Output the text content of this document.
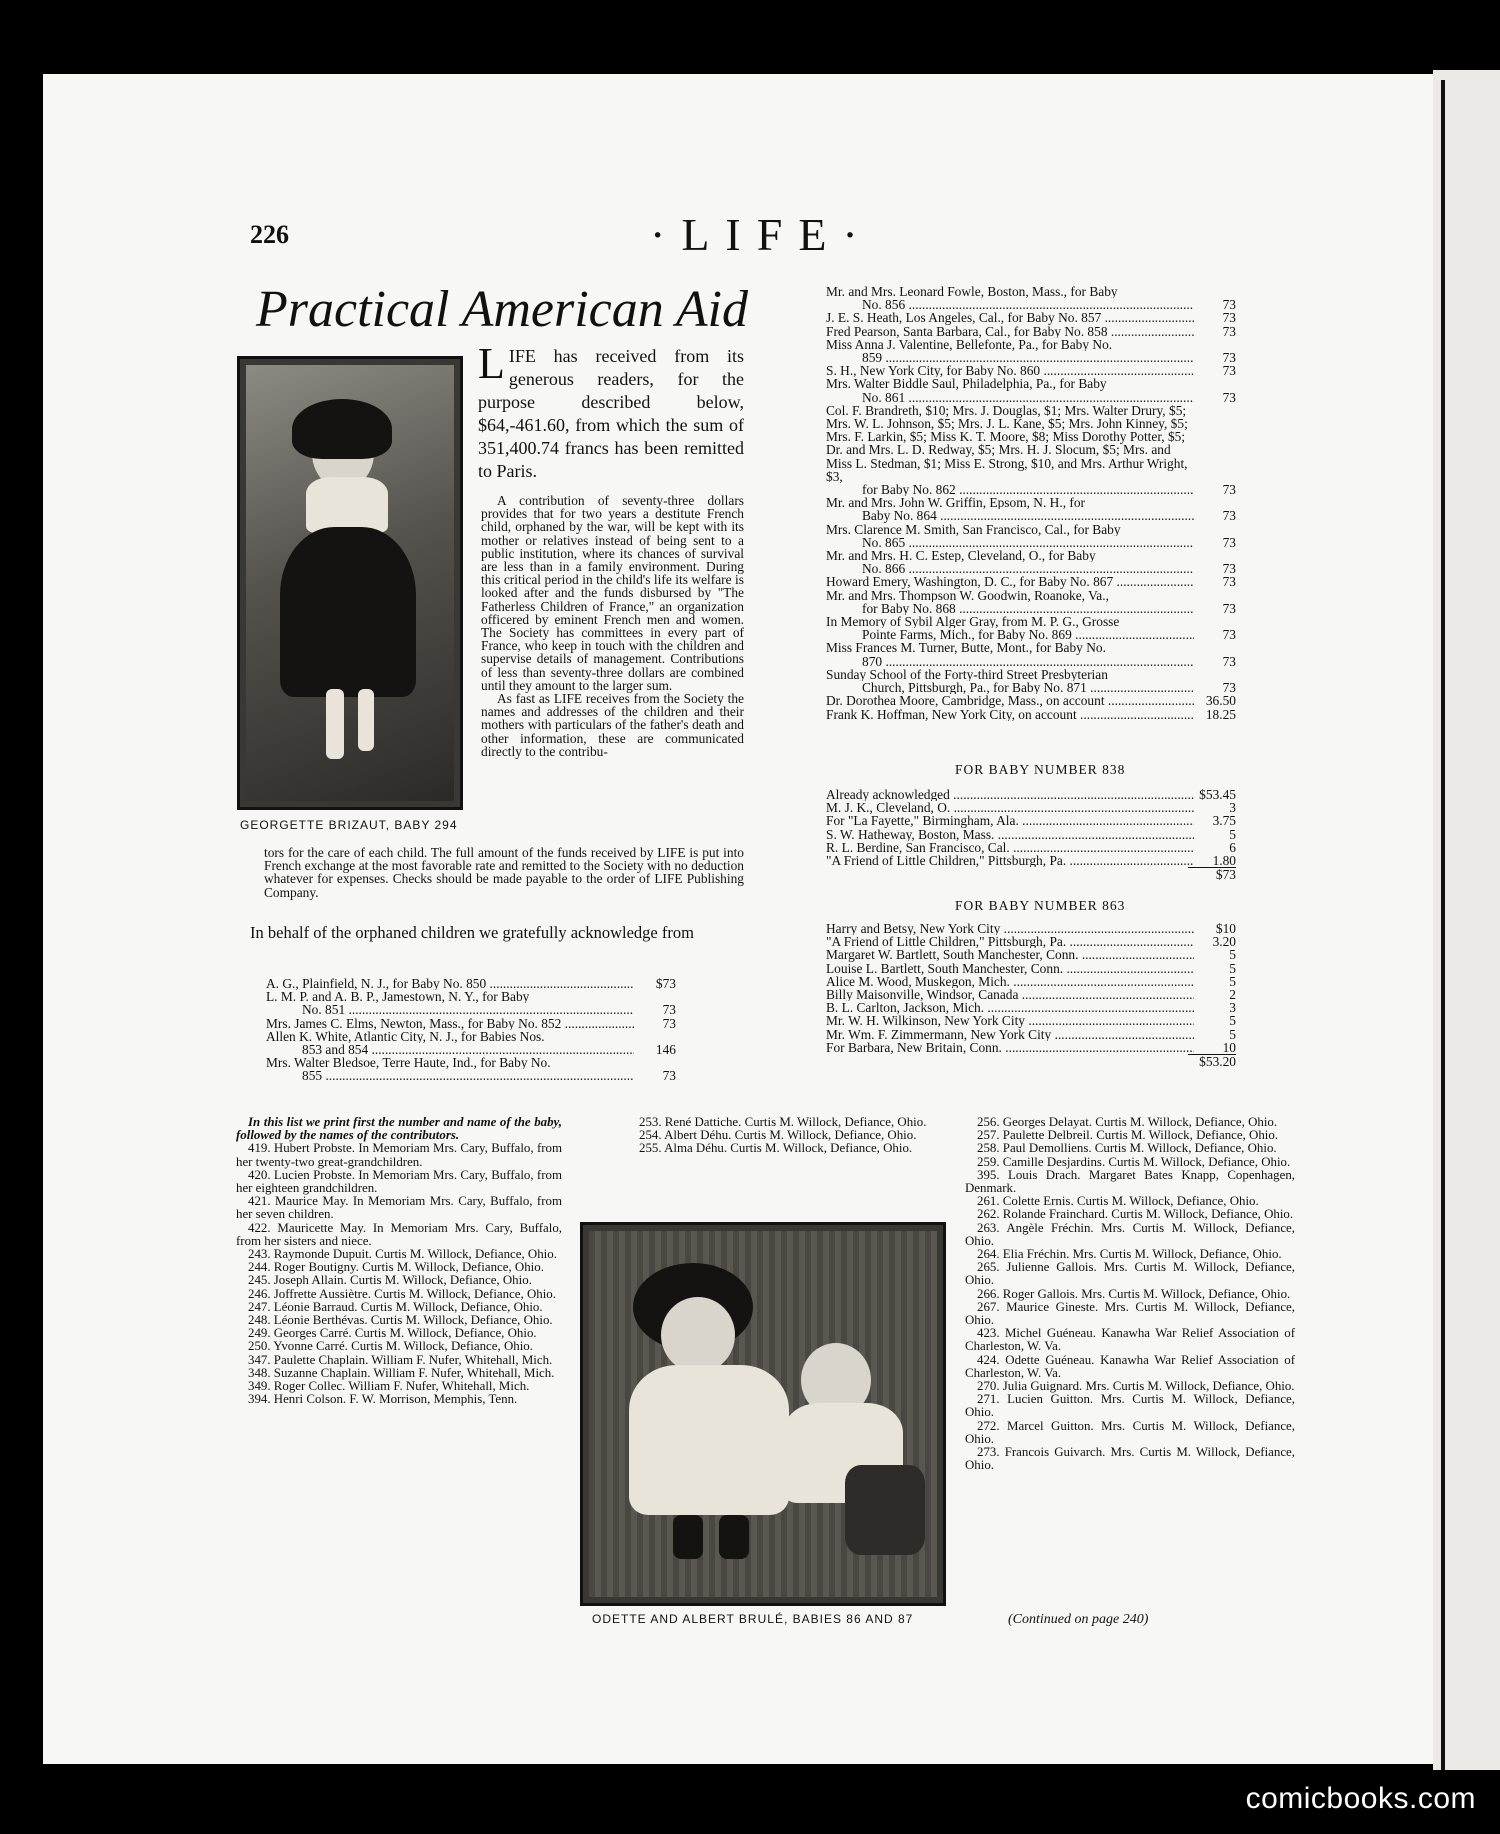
226	·LIFE·
Practical American Aid
GEORGETTE BRIZAUT, BABY 294
LIFE has received from its generous readers, for the purpose described below, $64,-461.60, from which the sum of 351,400.74 francs has been remitted to Paris.
A contribution of seventy-three dollars provides that for two years a destitute French child, orphaned by the war, will be kept with its mother or relatives instead of being sent to a public institution, where its chances of survival are less than in a family environment. During this critical period in the child's life its welfare is looked after and the funds disbursed by "The Fatherless Children of France," an organization officered by eminent French men and women. The Society has committees in every part of France, who keep in touch with the children and supervise details of management. Contributions of less than seventy-three dollars are combined until they amount to the larger sum.
As fast as LIFE receives from the Society the names and addresses of the children and their mothers with particulars of the father's death and other information, these are communicated directly to the contribu-
tors for the care of each child. The full amount of the funds received by LIFE is put into French exchange at the most favorable rate and remitted to the Society with no deduction whatever for expenses. Checks should be made payable to the order of LIFE Publishing Company.
In behalf of the orphaned children we gratefully acknowledge from
A. G., Plainfield, N. J., for Baby No. 850 .....	$73
L. M. P. and A. B. P., Jamestown, N. Y., for Baby
No. 851 .....	73
Mrs. James C. Elms, Newton, Mass., for Baby No. 852 .....	73
Allen K. White, Atlantic City, N. J., for Babies Nos.
853 and 854 .....	146
Mrs. Walter Bledsoe, Terre Haute, Ind., for Baby No.
855 .....	73
Mr. and Mrs. Leonard Fowle, Boston, Mass., for Baby
No. 856 .....	73
J. E. S. Heath, Los Angeles, Cal., for Baby No. 857 .....	73
Fred Pearson, Santa Barbara, Cal., for Baby No. 858 .....	73
Miss Anna J. Valentine, Bellefonte, Pa., for Baby No.
859 .....	73
S. H., New York City, for Baby No. 860 .....	73
Mrs. Walter Biddle Saul, Philadelphia, Pa., for Baby
No. 861 .....	73
Col. F. Brandreth, $10; Mrs. J. Douglas, $1; Mrs. Walter Drury, $5; Mrs. W. L. Johnson, $5; Mrs. J. L. Kane, $5; Mrs. John Kinney, $5; Mrs. F. Larkin, $5; Miss K. T. Moore, $8; Miss Dorothy Potter, $5; Dr. and Mrs. L. D. Redway, $5; Mrs. H. J. Slocum, $5; Mrs. and Miss L. Stedman, $1; Miss E. Strong, $10, and Mrs. Arthur Wright, $3,
for Baby No. 862 .....	73
Mr. and Mrs. John W. Griffin, Epsom, N. H., for
Baby No. 864 .....	73
Mrs. Clarence M. Smith, San Francisco, Cal., for Baby
No. 865 .....	73
Mr. and Mrs. H. C. Estep, Cleveland, O., for Baby
No. 866 .....	73
Howard Emery, Washington, D. C., for Baby No. 867 .....	73
Mr. and Mrs. Thompson W. Goodwin, Roanoke, Va.,
for Baby No. 868 .....	73
In Memory of Sybil Alger Gray, from M. P. G., Grosse
Pointe Farms, Mich., for Baby No. 869 .....	73
Miss Frances M. Turner, Butte, Mont., for Baby No.
870 .....	73
Sunday School of the Forty-third Street Presbyterian
Church, Pittsburgh, Pa., for Baby No. 871 .....	73
Dr. Dorothea Moore, Cambridge, Mass., on account .....	36.50
Frank K. Hoffman, New York City, on account .....	18.25
FOR BABY NUMBER 838
Already acknowledged .....	$53.45
M. J. K., Cleveland, O. .....	3
For "La Fayette," Birmingham, Ala. .....	3.75
S. W. Hatheway, Boston, Mass. .....	5
R. L. Berdine, San Francisco, Cal. .....	6
"A Friend of Little Children," Pittsburgh, Pa. .....	1.80
$73
FOR BABY NUMBER 863
Harry and Betsy, New York City .....	$10
"A Friend of Little Children," Pittsburgh, Pa. .....	3.20
Margaret W. Bartlett, South Manchester, Conn. .....	5
Louise L. Bartlett, South Manchester, Conn. .....	5
Alice M. Wood, Muskegon, Mich. .....	5
Billy Maisonville, Windsor, Canada .....	2
B. L. Carlton, Jackson, Mich. .....	3
Mr. W. H. Wilkinson, New York City .....	5
Mr. Wm. F. Zimmermann, New York City .....	5
For Barbara, New Britain, Conn. .....	10
$53.20

In this list we print first the number and name of the baby, followed by the names of the contributors.

419. Hubert Probste. In Memoriam Mrs. Cary, Buffalo, from her twenty-two great-grandchildren.

420. Lucien Probste. In Memoriam Mrs. Cary, Buffalo, from her eighteen grandchildren.

421. Maurice May. In Memoriam Mrs. Cary, Buffalo, from her seven children.

422. Mauricette May. In Memoriam Mrs. Cary, Buffalo, from her sisters and niece.

243. Raymonde Dupuit. Curtis M. Willock, Defiance, Ohio.

244. Roger Boutigny. Curtis M. Willock, Defiance, Ohio.

245. Joseph Allain. Curtis M. Willock, Defiance, Ohio.

246. Joffrette Aussiètre. Curtis M. Willock, Defiance, Ohio.

247. Léonie Barraud. Curtis M. Willock, Defiance, Ohio.

248. Léonie Berthévas. Curtis M. Willock, Defiance, Ohio.

249. Georges Carré. Curtis M. Willock, Defiance, Ohio.

250. Yvonne Carré. Curtis M. Willock, Defiance, Ohio.

347. Paulette Chaplain. William F. Nufer, Whitehall, Mich.

348. Suzanne Chaplain. William F. Nufer, Whitehall, Mich.

349. Roger Collec. William F. Nufer, Whitehall, Mich.

394. Henri Colson. F. W. Morrison, Memphis, Tenn.

253. René Dattiche. Curtis M. Willock, Defiance, Ohio.

254. Albert Déhu. Curtis M. Willock, Defiance, Ohio.

255. Alma Déhu. Curtis M. Willock, Defiance, Ohio.

256. Georges Delayat. Curtis M. Willock, Defiance, Ohio.

257. Paulette Delbreil. Curtis M. Willock, Defiance, Ohio.

258. Paul Demolliens. Curtis M. Willock, Defiance, Ohio.

259. Camille Desjardins. Curtis M. Willock, Defiance, Ohio.

395. Louis Drach. Margaret Bates Knapp, Copenhagen, Denmark.

261. Colette Ernis. Curtis M. Willock, Defiance, Ohio.

262. Rolande Frainchard. Curtis M. Willock, Defiance, Ohio.

263. Angèle Fréchin. Mrs. Curtis M. Willock, Defiance, Ohio.

264. Elia Fréchin. Mrs. Curtis M. Willock, Defiance, Ohio.

265. Julienne Gallois. Mrs. Curtis M. Willock, Defiance, Ohio.

266. Roger Gallois. Mrs. Curtis M. Willock, Defiance, Ohio.

267. Maurice Gineste. Mrs. Curtis M. Willock, Defiance, Ohio.

423. Michel Guéneau. Kanawha War Relief Association of Charleston, W. Va.

424. Odette Guéneau. Kanawha War Relief Association of Charleston, W. Va.

270. Julia Guignard. Mrs. Curtis M. Willock, Defiance, Ohio.

271. Lucien Guitton. Mrs. Curtis M. Willock, Defiance, Ohio.

272. Marcel Guitton. Mrs. Curtis M. Willock, Defiance, Ohio.

273. Francois Guivarch. Mrs. Curtis M. Willock, Defiance, Ohio.

ODETTE AND ALBERT BRULÉ, BABIES 86 AND 87	(Continued on page 240)
comicbooks.com
